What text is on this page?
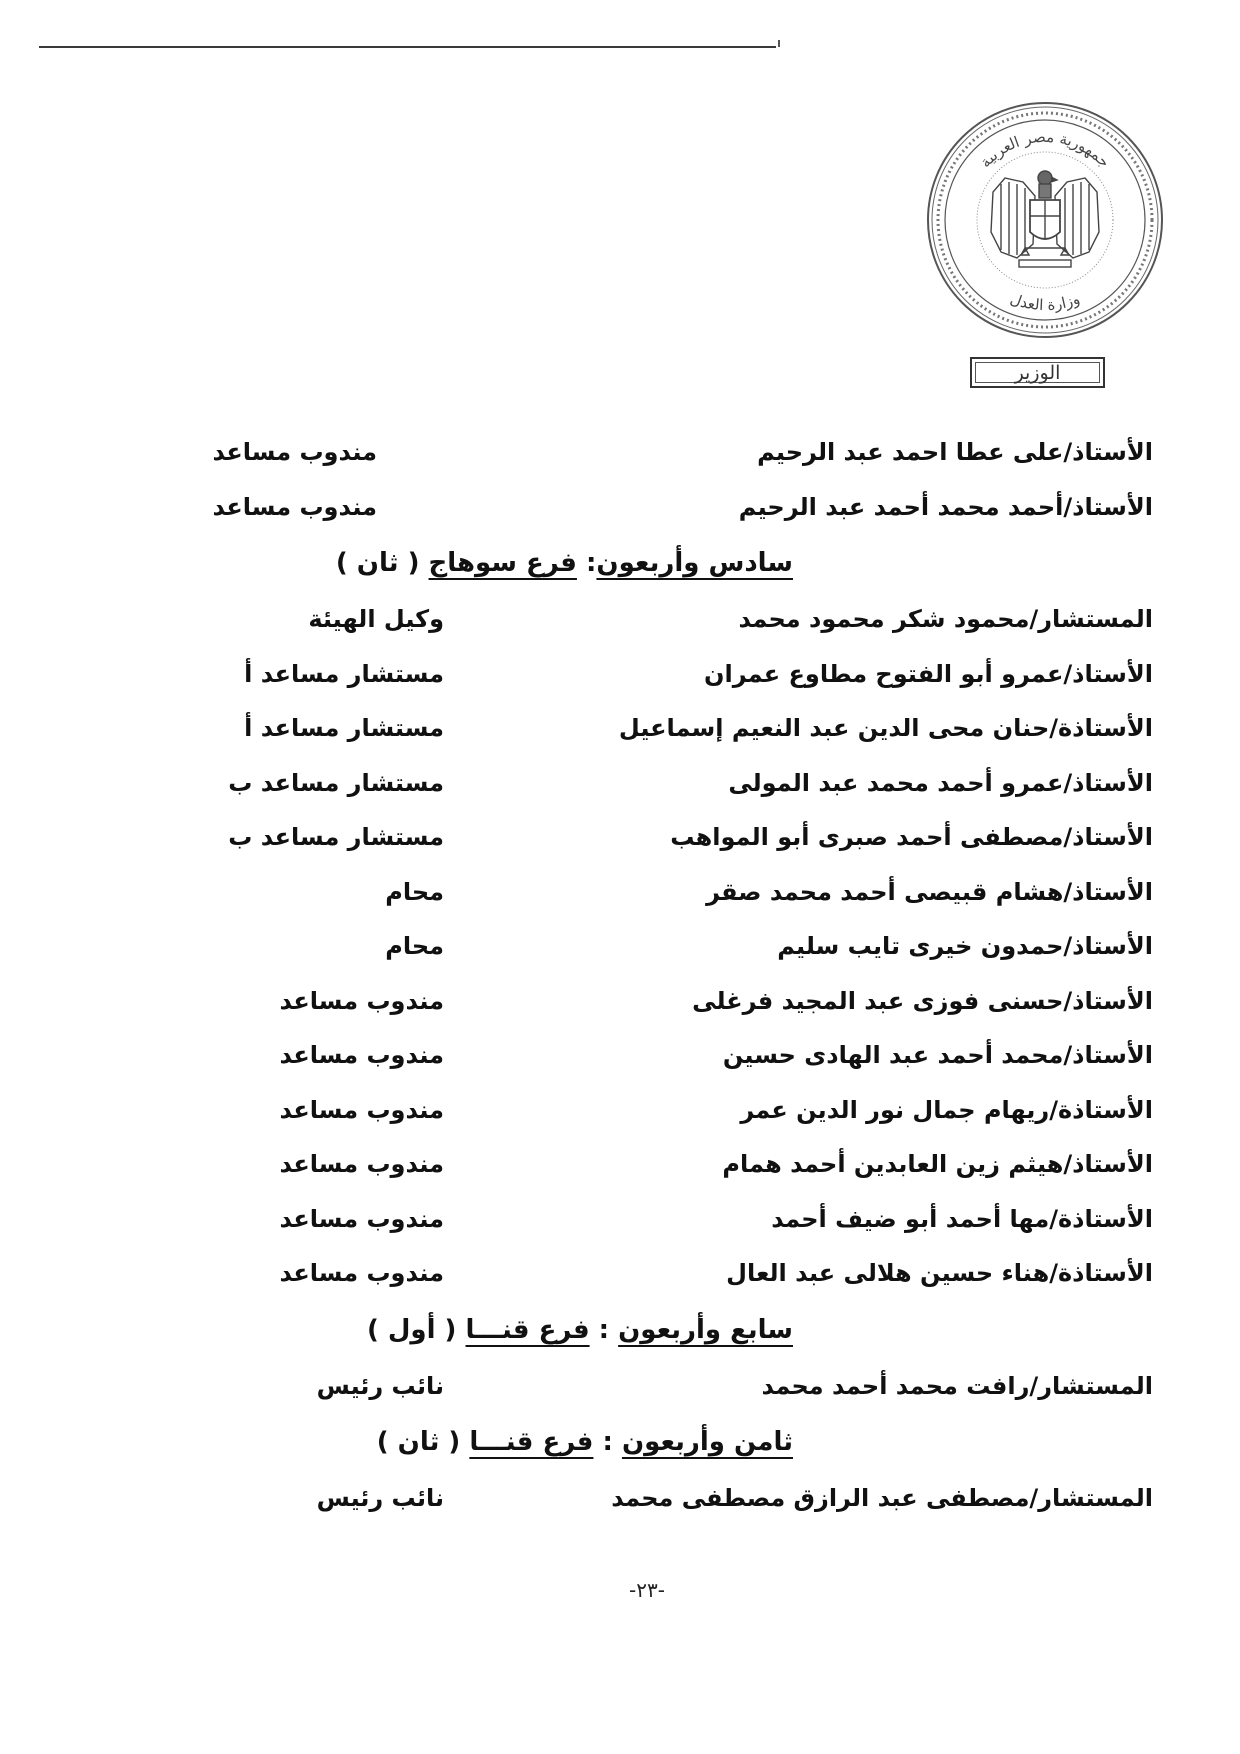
جمهورية مصر العربية
وزارة العدل
الوزير
الأستاذ/على عطا احمد عبد الرحيم
مندوب مساعد
الأستاذ/أحمد محمد أحمد عبد الرحيم
مندوب مساعد
سادس وأربعون: فرع سوهاج ( ثان )
المستشار/محمود شكر محمود محمد
وكيل الهيئة
الأستاذ/عمرو أبو الفتوح مطاوع عمران
مستشار مساعد أ
الأستاذة/حنان محى الدين عبد النعيم إسماعيل
مستشار مساعد أ
الأستاذ/عمرو أحمد محمد عبد المولى
مستشار مساعد ب
الأستاذ/مصطفى أحمد صبرى أبو المواهب
مستشار مساعد ب
الأستاذ/هشام قبيصى أحمد محمد صقر
محام
الأستاذ/حمدون خيرى تايب سليم
محام
الأستاذ/حسنى فوزى عبد المجيد فرغلى
مندوب مساعد
الأستاذ/محمد أحمد عبد الهادى حسين
مندوب مساعد
الأستاذة/ريهام جمال نور الدين عمر
مندوب مساعد
الأستاذ/هيثم زين العابدين أحمد همام
مندوب مساعد
الأستاذة/مها أحمد أبو ضيف أحمد
مندوب مساعد
الأستاذة/هناء حسين هلالى عبد العال
مندوب مساعد
سابع وأربعون : فرع قنـــا ( أول )
المستشار/رافت محمد أحمد محمد
نائب رئيس
ثامن وأربعون : فرع قنـــا ( ثان )
المستشار/مصطفى عبد الرازق مصطفى محمد
نائب رئيس
-٢٣-
